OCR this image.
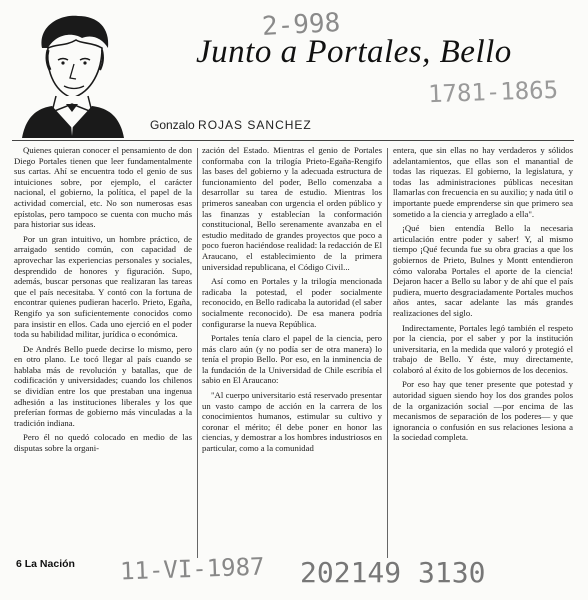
2-998
Junto a Portales, Bello
1781-1865
Gonzalo ROJAS SANCHEZ

Quienes quieran conocer el pensamiento de don Diego Portales tienen que leer fundamentalmente sus cartas. Ahí se encuentra todo el genio de sus intuiciones sobre, por ejemplo, el carácter nacional, el gobierno, la política, el papel de la actividad comercial, etc. No son numerosas esas epístolas, pero tampoco se cuenta con mucho más para historiar sus ideas.

Por un gran intuitivo, un hombre práctico, de arraigado sentido común, con capacidad de aprovechar las experiencias personales y sociales, desprendido de honores y figuración. Supo, además, buscar personas que realizaran las tareas que el país necesitaba. Y contó con la fortuna de encontrar quienes pudieran hacerlo. Prieto, Egaña, Rengifo ya son suficientemente conocidos como para insistir en ellos. Cada uno ejerció en el poder toda su habilidad militar, jurídica o económica.

De Andrés Bello puede decirse lo mismo, pero en otro plano. Le tocó llegar al país cuando se hablaba más de revolución y batallas, que de codificación y universidades; cuando los chilenos se dividían entre los que prestaban una ingenua adhesión a las instituciones liberales y los que preferían formas de gobierno más vinculadas a la tradición indiana.

Pero él no quedó colocado en medio de las disputas sobre la organi-

zación del Estado. Mientras el genio de Portales conformaba con la trilogía Prieto-Egaña-Rengifo las bases del gobierno y la adecuada estructura de funcionamiento del poder, Bello comenzaba a desarrollar su tarea de estudio. Mientras los primeros saneaban con urgencia el orden público y las finanzas y establecían la conformación constitucional, Bello serenamente avanzaba en el estudio meditado de grandes proyectos que poco a poco fueron haciéndose realidad: la redacción de El Araucano, el establecimiento de la primera universidad republicana, el Código Civil...

Así como en Portales y la trilogía mencionada radicaba la potestad, el poder socialmente reconocido, en Bello radicaba la autoridad (el saber socialmente reconocido). De esa manera podría configurarse la nueva República.

Portales tenía claro el papel de la ciencia, pero más claro aún (y no podía ser de otra manera) lo tenía el propio Bello. Por eso, en la inminencia de la fundación de la Universidad de Chile escribía el sabio en El Araucano:

"Al cuerpo universitario está reservado presentar un vasto campo de acción en la carrera de los conocimientos humanos, estimular su cultivo y coronar el mérito; él debe poner en honor las ciencias, y demostrar a los hombres industriosos en particular, como a la comunidad

entera, que sin ellas no hay verdaderos y sólidos adelantamientos, que ellas son el manantial de todas las riquezas. El gobierno, la legislatura, y todas las administraciones públicas necesitan llamarlas con frecuencia en su auxilio; y nada útil o importante puede emprenderse sin que primero sea sometido a la ciencia y arreglado a ella".

¡Qué bien entendía Bello la necesaria articulación entre poder y saber! Y, al mismo tiempo ¡Qué fecunda fue su obra gracias a que los gobiernos de Prieto, Bulnes y Montt entendieron cómo valoraba Portales el aporte de la ciencia! Dejaron hacer a Bello su labor y de ahí que el país pudiera, muerto desgraciadamente Portales muchos años antes, sacar adelante las más grandes realizaciones del siglo.

Indirectamente, Portales legó también el respeto por la ciencia, por el saber y por la institución universitaria, en la medida que valoró y protegió el trabajo de Bello. Y éste, muy directamente, colaboró al éxito de los gobiernos de los decenios.

Por eso hay que tener presente que potestad y autoridad siguen siendo hoy los dos grandes polos de la organización social —por encima de las mecanismos de separación de los poderes— y que ignorancia o confusión en sus relaciones lesiona a la sociedad completa.

6 La Nación 11-VI-1987 202149 3130
